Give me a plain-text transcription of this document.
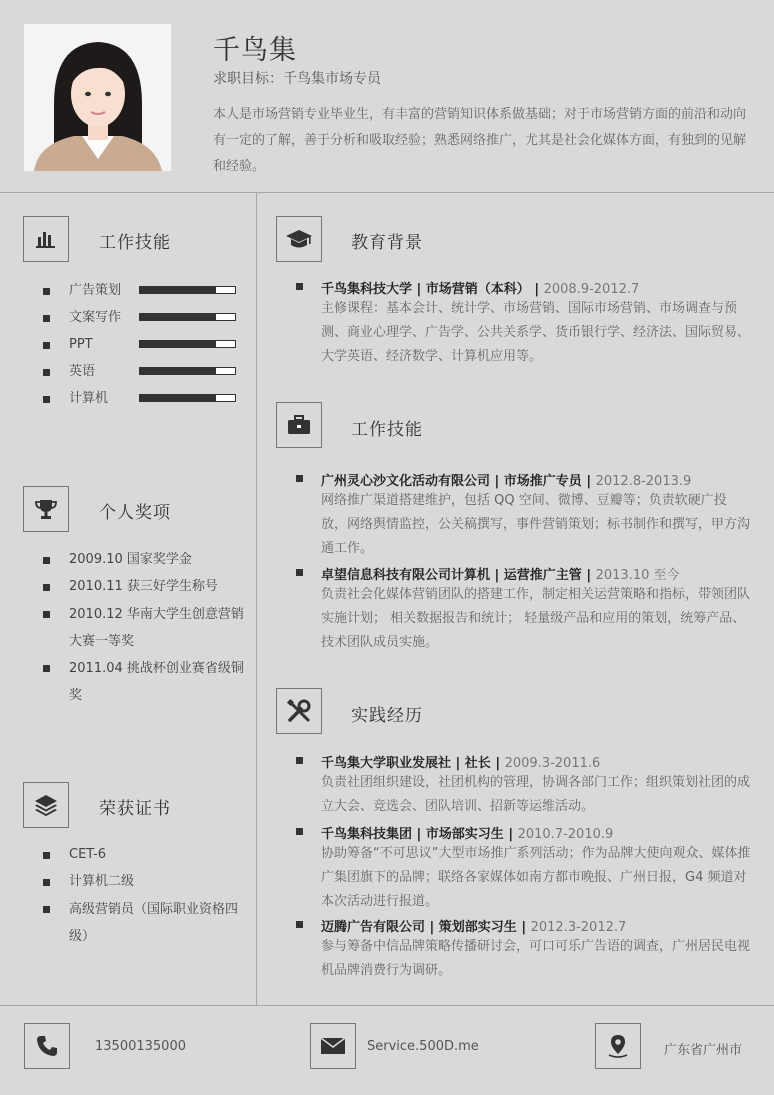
千鸟集
求职目标：千鸟集市场专员
本人是市场营销专业毕业生，有丰富的营销知识体系做基础；对于市场营销方面的前沿和动向有一定的了解，善于分析和吸取经验；熟悉网络推广，尤其是社会化媒体方面，有独到的见解和经验。
工作技能
广告策划
文案写作
PPT
英语
计算机
个人奖项
2009.10 国家奖学金
2010.11 获三好学生称号
2010.12 华南大学生创意营销大赛一等奖
2011.04 挑战杯创业赛省级铜奖
荣获证书
CET-6
计算机二级
高级营销员（国际职业资格四级）
教育背景
千鸟集科技大学 | 市场营销（本科） | 2008.9-2012.7
主修课程：基本会计、统计学、市场营销、国际市场营销、市场调查与预测、商业心理学、广告学、公共关系学、货币银行学、经济法、国际贸易、大学英语、经济数学、计算机应用等。
工作技能
广州灵心沙文化活动有限公司 | 市场推广专员 | 2012.8-2013.9
网络推广渠道搭建维护，包括 QQ 空间、微博、豆瓣等；负责软硬广投放，网络舆情监控，公关稿撰写，事件营销策划；标书制作和撰写，甲方沟通工作。
卓望信息科技有限公司计算机 | 运营推广主管 | 2013.10 至今
负责社会化媒体营销团队的搭建工作，制定相关运营策略和指标，带领团队实施计划； 相关数据报告和统计； 轻量级产品和应用的策划，统筹产品、技术团队成员实施。
实践经历
千鸟集大学职业发展社 | 社长 | 2009.3-2011.6
负责社团组织建设，社团机构的管理，协调各部门工作；组织策划社团的成立大会、竞选会、团队培训、招新等运维活动。
千鸟集科技集团 | 市场部实习生 | 2010.7-2010.9
协助筹备“不可思议”大型市场推广系列活动；作为品牌大使向观众、媒体推广集团旗下的品牌；联络各家媒体如南方都市晚报、广州日报，G4 频道对本次活动进行报道。
迈腾广告有限公司 | 策划部实习生 | 2012.3-2012.7
参与筹备中信品牌策略传播研讨会，可口可乐广告语的调查，广州居民电视机品牌消费行为调研。
13500135000	Service.500D.me	广东省广州市
